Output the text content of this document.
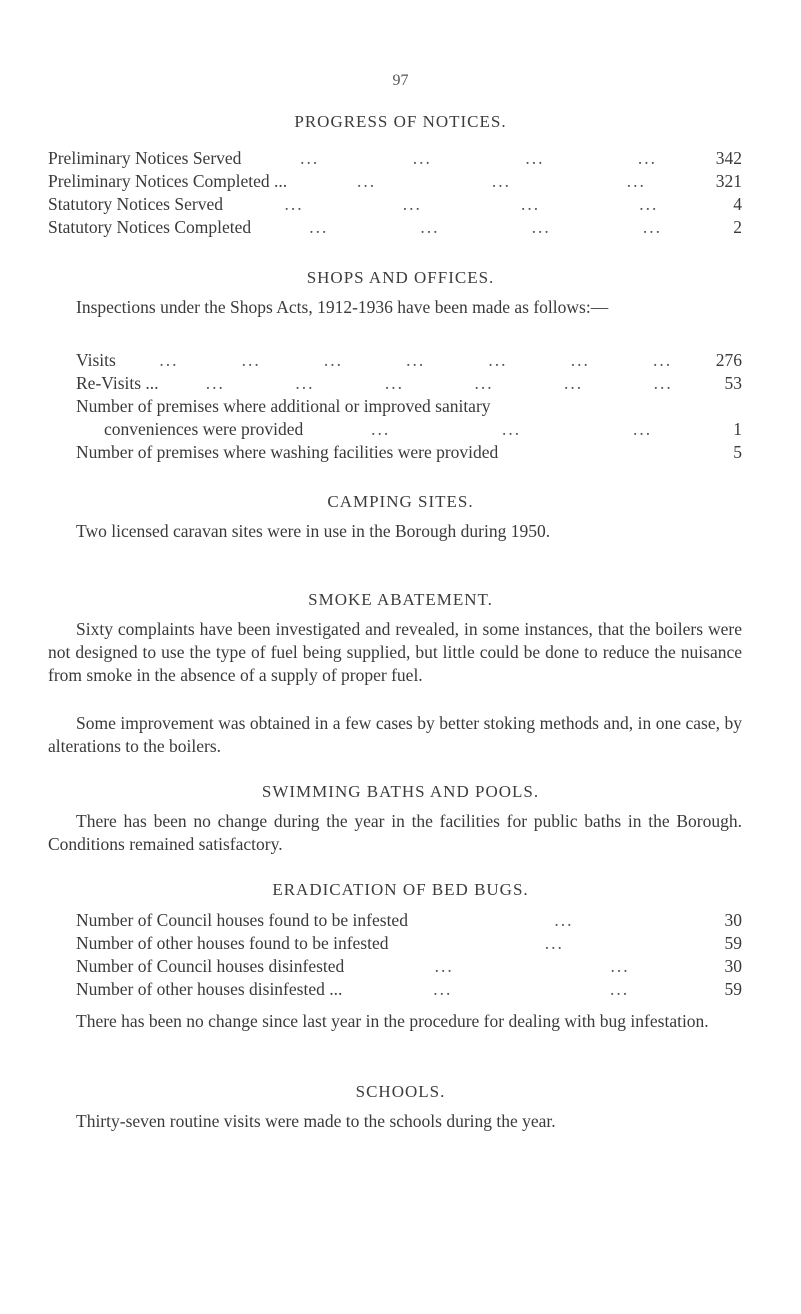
97
PROGRESS OF NOTICES.
Preliminary Notices Served	...	...	...	...	342
Preliminary Notices Completed ...	...	...	...	321
Statutory Notices Served	...	...	...	...	4
Statutory Notices Completed	...	...	...	...	2
SHOPS AND OFFICES.
Inspections under the Shops Acts, 1912-1936 have been made as follows:—
Visits ...	...	...	...	...	...	... 276
Re-Visits ...	...	...	...	...	...	...	53
Number of premises where additional or improved sanitary
conveniences were provided	...	...	...	1
Number of premises where washing facilities were provided	5
CAMPING SITES.
Two licensed caravan sites were in use in the Borough during 1950.
SMOKE ABATEMENT.
Sixty complaints have been investigated and revealed, in some instances, that the boilers were not designed to use the type of fuel being supplied, but little could be done to reduce the nuisance from smoke in the absence of a supply of proper fuel.
Some improvement was obtained in a few cases by better stoking methods and, in one case, by alterations to the boilers.
SWIMMING BATHS AND POOLS.
There has been no change during the year in the facilities for public baths in the Borough. Conditions remained satisfactory.
ERADICATION OF BED BUGS.
Number of Council houses found to be infested	...	30
Number of other houses found to be infested	...	59
Number of Council houses disinfested	...	...	30
Number of other houses disinfested ...	...	...	59
There has been no change since last year in the procedure for dealing with bug infestation.
SCHOOLS.
Thirty-seven routine visits were made to the schools during the year.
